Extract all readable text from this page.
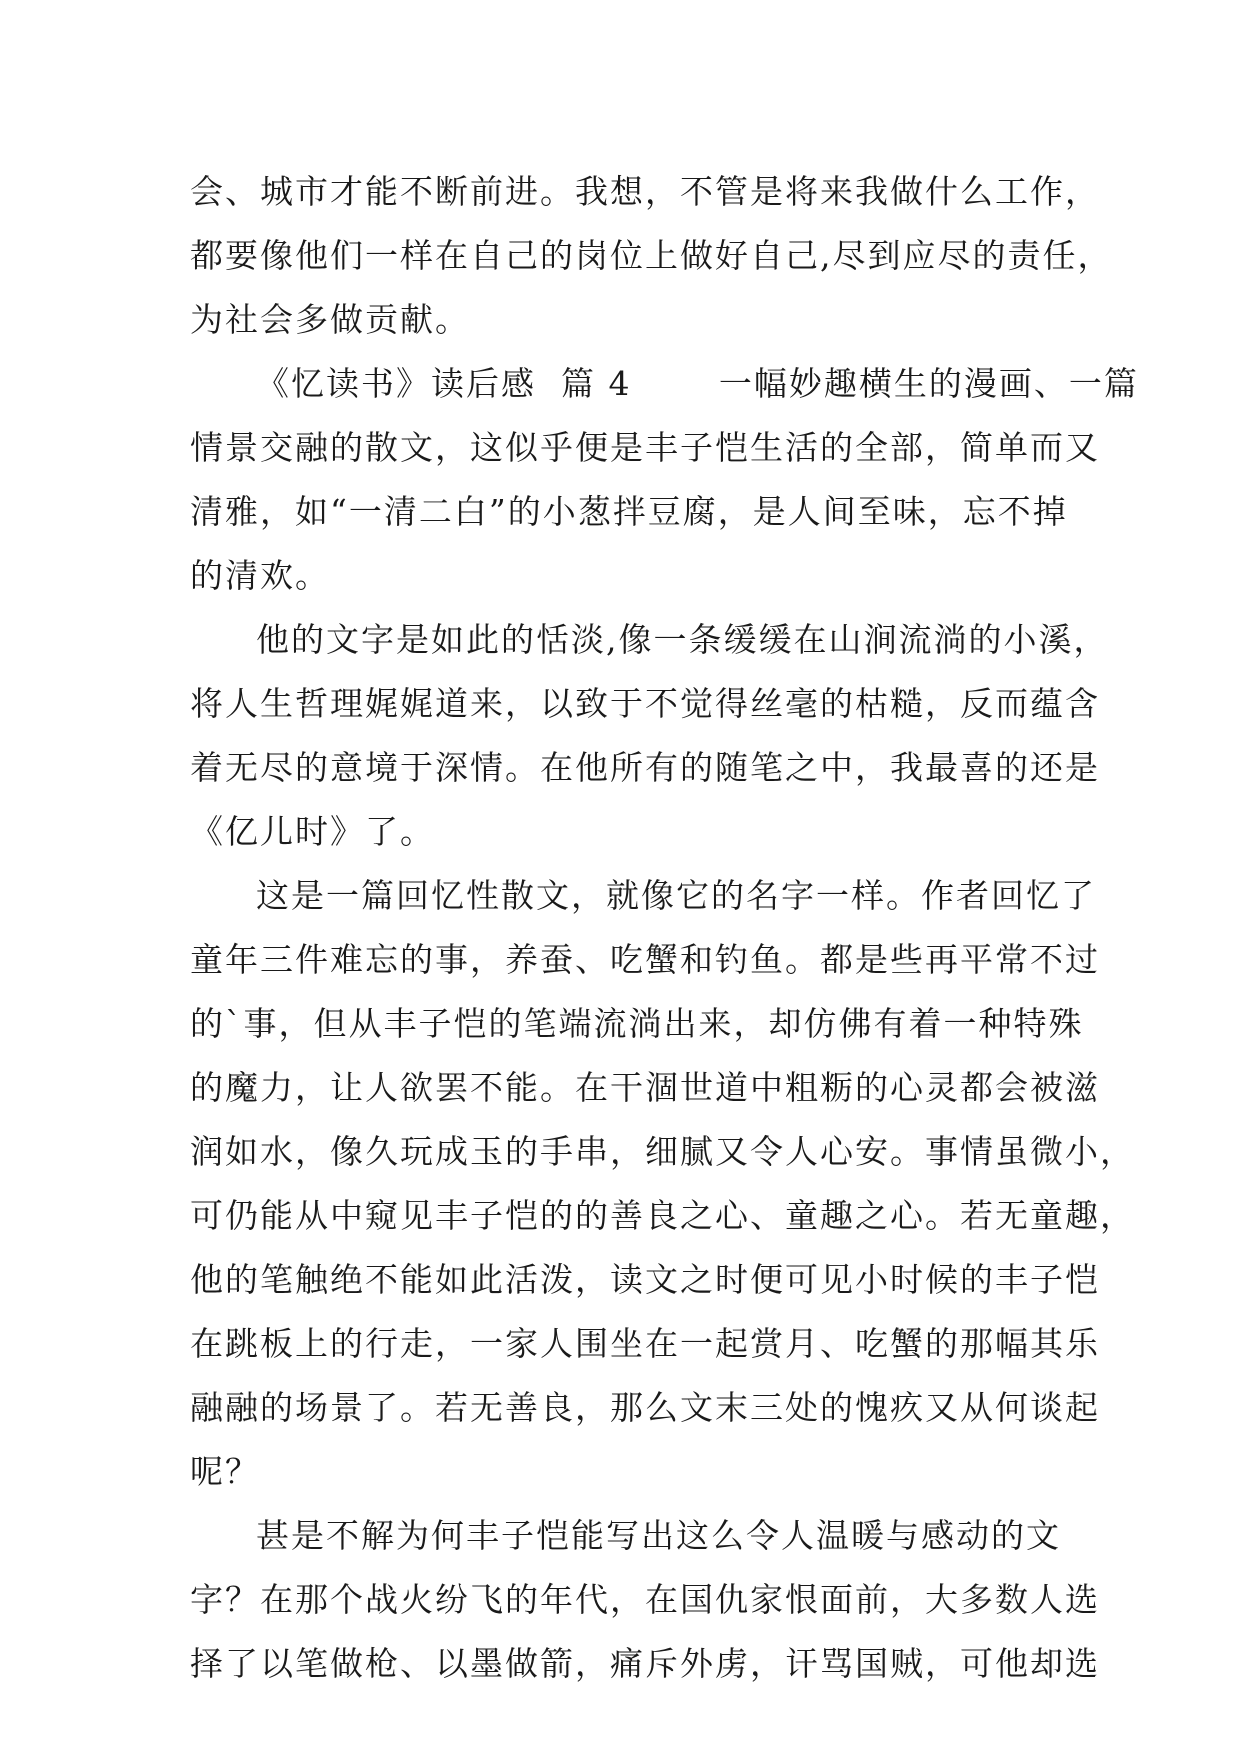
会、城市才能不断前进。我想，不管是将来我做什么工作，
都要像他们一样在自己的岗位上做好自己,尽到应尽的责任，
为社会多做贡献。
《忆读书》读后感  篇 4       一幅妙趣横生的漫画、一篇
情景交融的散文，这似乎便是丰子恺生活的全部，简单而又
清雅，如“一清二白”的小葱拌豆腐，是人间至味，忘不掉
的清欢。
他的文字是如此的恬淡,像一条缓缓在山涧流淌的小溪，
将人生哲理娓娓道来，以致于不觉得丝毫的枯糙，反而蕴含
着无尽的意境于深情。在他所有的随笔之中，我最喜的还是
《亿儿时》了。
这是一篇回忆性散文，就像它的名字一样。作者回忆了
童年三件难忘的事，养蚕、吃蟹和钓鱼。都是些再平常不过
的`事，但从丰子恺的笔端流淌出来，却仿佛有着一种特殊
的魔力，让人欲罢不能。在干涸世道中粗粝的心灵都会被滋
润如水，像久玩成玉的手串，细腻又令人心安。事情虽微小，
可仍能从中窥见丰子恺的的善良之心、童趣之心。若无童趣，
他的笔触绝不能如此活泼，读文之时便可见小时候的丰子恺
在跳板上的行走，一家人围坐在一起赏月、吃蟹的那幅其乐
融融的场景了。若无善良，那么文末三处的愧疚又从何谈起
呢？
甚是不解为何丰子恺能写出这么令人温暖与感动的文
字？在那个战火纷飞的年代，在国仇家恨面前，大多数人选
择了以笔做枪、以墨做箭，痛斥外虏，讦骂国贼，可他却选
